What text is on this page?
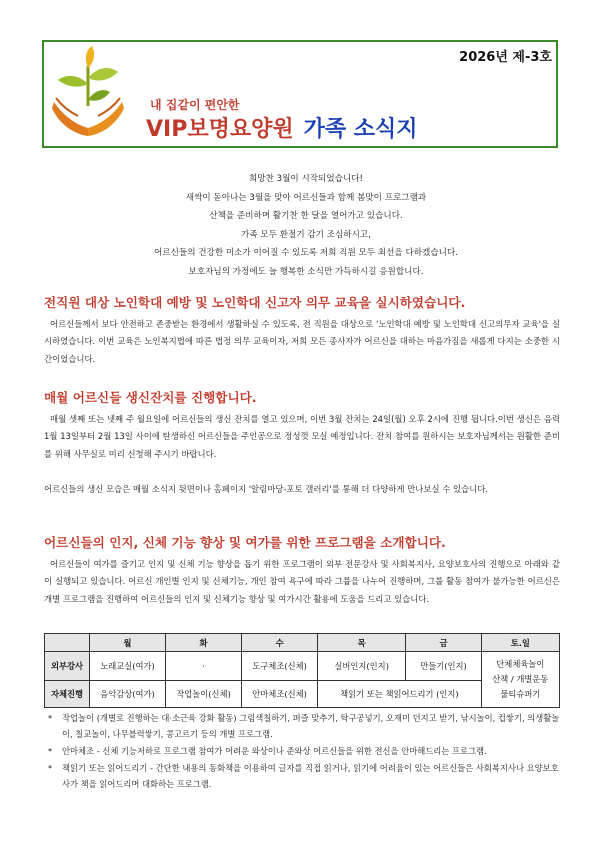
2026년 제-3호
내 집같이 편안한
VIP보명요양원 가족 소식지
희망찬 3월이 시작되었습니다!
새싹이 돋아나는 3월을 맞아 어르신들과 함께 봄맞이 프로그램과
산책을 준비하며 활기찬 한 달을 열어가고 있습니다.
가족 모두 환절기 감기 조심하시고,
어르신들의 건강한 미소가 이어질 수 있도록 저희 직원 모두 최선을 다하겠습니다.
보호자님의 가정에도 늘 행복한 소식만 가득하시길 응원합니다.
전직원 대상 노인학대 예방 및 노인학대 신고자 의무 교육을 실시하였습니다.
어르신들께서 보다 안전하고 존중받는 환경에서 생활하실 수 있도록, 전 직원을 대상으로 '노인학대 예방 및 노인학대 신고의무자 교육'을 실시하였습니다. 이번 교육은 노인복지법에 따른 법정 의무 교육이자, 저희 모든 종사자가 어르신을 대하는 마음가짐을 새롭게 다지는 소중한 시간이었습니다.
매월 어르신들 생신잔치를 진행합니다.
매월 셋째 또는 넷째 주 월요일에 어르신들의 생신 잔치를 열고 있으며, 이번 3월 잔치는 24일(월) 오후 2시에 진행 됩니다.이번 생신은 음력 1월 13일부터 2월 13일 사이에 탄생하신 어르신들을 주인공으로 정성껏 모실 예정입니다. 잔치 참여를 원하시는 보호자님께서는 원활한 준비를 위해 사무실로 미리 신청해 주시기 바랍니다.
어르신들의 생신 모습은 매월 소식지 뒷면이나 홈페이지 '알림마당-포토 갤러리'를 통해 더 다양하게 만나보실 수 있습니다.
어르신들의 인지, 신체 기능 향상 및 여가를 위한 프로그램을 소개합니다.
어르신들이 여가를 즐기고 인지 및 신체 기능 향상을 돕기 위한 프로그램이 외부 전문강사 및 사회복지사, 요양보호사의 진행으로 아래와 같이 실행되고 있습니다. 어르신 개인별 인지 및 신체기능, 개인 참여 욕구에 따라 그룹을 나누어 진행하며, 그룹 활동 참여가 불가능한 어르신은 개별 프로그램을 진행하여 어르신들의 인지 및 신체기능 향상 및 여가시간 활용에 도움을 드리고 있습니다.
	월	화	수	목	금	토.일
외부강사	노래교실(여가)	·	도구체조(신체)	실버인지(인지)	만들기(인지)	단체체육놀이
산책 / 개별운동
물티슈퍼기

자체진행	음악감상(여가)	작업놀이(신체)	안마체조(신체)	책읽기 또는 책읽어드리기 (인지)		
* 작업놀이 (개별로 진행하는 대·소근육 강화 활동) 그림색칠하기, 퍼즐 맞추기, 탁구공넣기, 오재미 던지고 받기, 낚시놀이, 컵쌓기, 의생활놀이, 칠교놀이, 나무블럭쌓기, 콩고르기 등의 개별 프로그램.
* 안마체조 - 신체 기능저하로 프로그램 참여가 어려운 와상이나 준와상 어르신들을 위한 전신을 안마해드리는 프로그램.
* 책읽기 또는 읽어드리기 - 간단한 내용의 동화책을 이용하여 글자를 직접 읽거나, 읽기에 어려움이 있는 어르신들은 사회복지사나 요양보호사가 책을 읽어드리며 대화하는 프로그램.
